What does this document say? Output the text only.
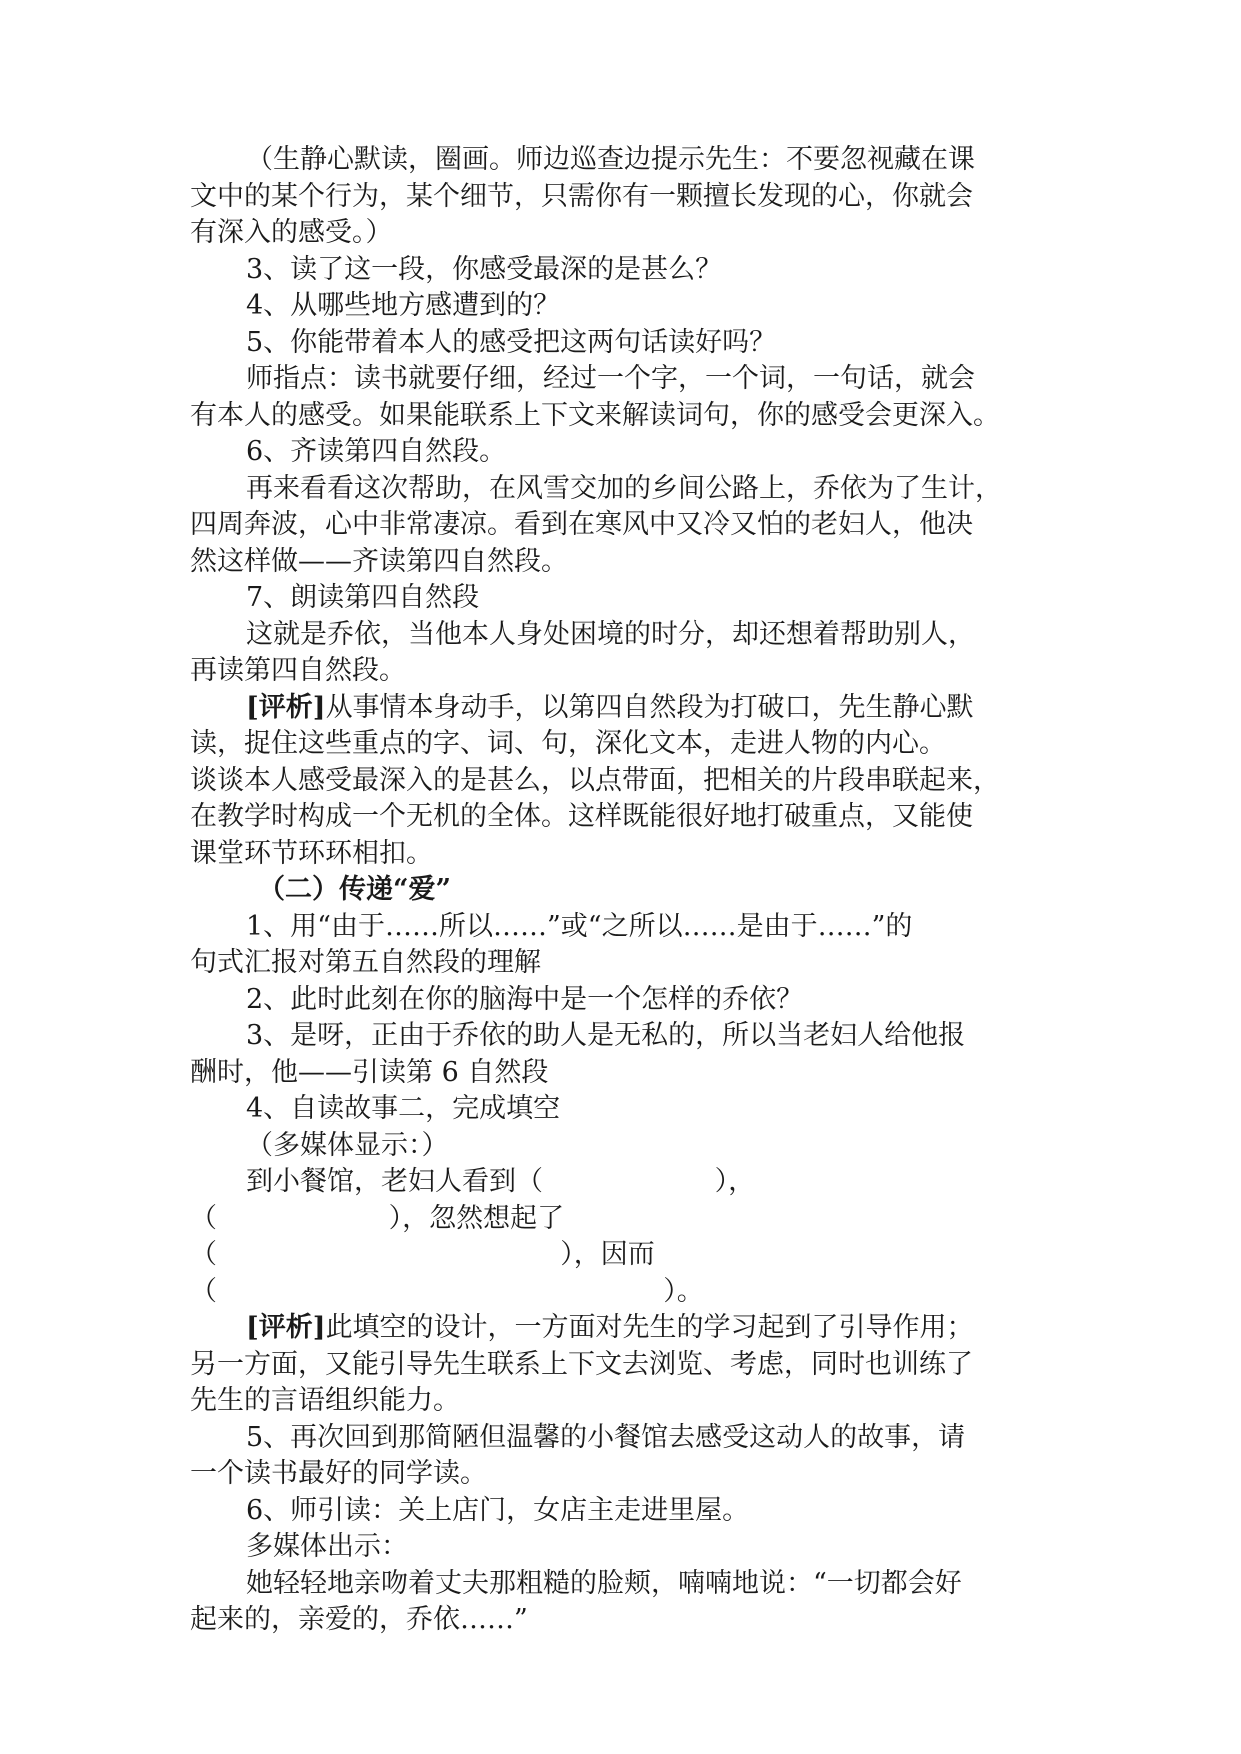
（生静心默读，圈画。师边巡查边提示先生：不要忽视藏在课
文中的某个行为，某个细节，只需你有一颗擅长发现的心，你就会
有深入的感受。）
3、读了这一段，你感受最深的是甚么？
4、从哪些地方感遭到的？
5、你能带着本人的感受把这两句话读好吗？
师指点：读书就要仔细，经过一个字，一个词，一句话，就会
有本人的感受。如果能联系上下文来解读词句，你的感受会更深入。
6、齐读第四自然段。
再来看看这次帮助，在风雪交加的乡间公路上，乔依为了生计，
四周奔波，心中非常凄凉。看到在寒风中又冷又怕的老妇人，他决
然这样做——齐读第四自然段。
7、朗读第四自然段
这就是乔依，当他本人身处困境的时分，却还想着帮助别人，
再读第四自然段。
[评析]从事情本身动手，以第四自然段为打破口，先生静心默
读，捉住这些重点的字、词、句，深化文本，走进人物的内心。
谈谈本人感受最深入的是甚么，以点带面，把相关的片段串联起来，
在教学时构成一个无机的全体。这样既能很好地打破重点，又能使
课堂环节环环相扣。
（二）传递“爱”
1、用“由于……所以……”或“之所以……是由于……”的
句式汇报对第五自然段的理解
2、此时此刻在你的脑海中是一个怎样的乔依？
3、是呀，正由于乔依的助人是无私的，所以当老妇人给他报
酬时，他——引读第 6 自然段
4、自读故事二，完成填空
（多媒体显示：）
到小餐馆，老妇人看到（                    ），
（                    ），忽然想起了
（                                        ），因而
（                                                    ）。
[评析]此填空的设计，一方面对先生的学习起到了引导作用；
另一方面，又能引导先生联系上下文去浏览、考虑，同时也训练了
先生的言语组织能力。
5、再次回到那简陋但温馨的小餐馆去感受这动人的故事，请
一个读书最好的同学读。
6、师引读：关上店门，女店主走进里屋。
多媒体出示：
她轻轻地亲吻着丈夫那粗糙的脸颊，喃喃地说：“一切都会好
起来的，亲爱的，乔依……”
